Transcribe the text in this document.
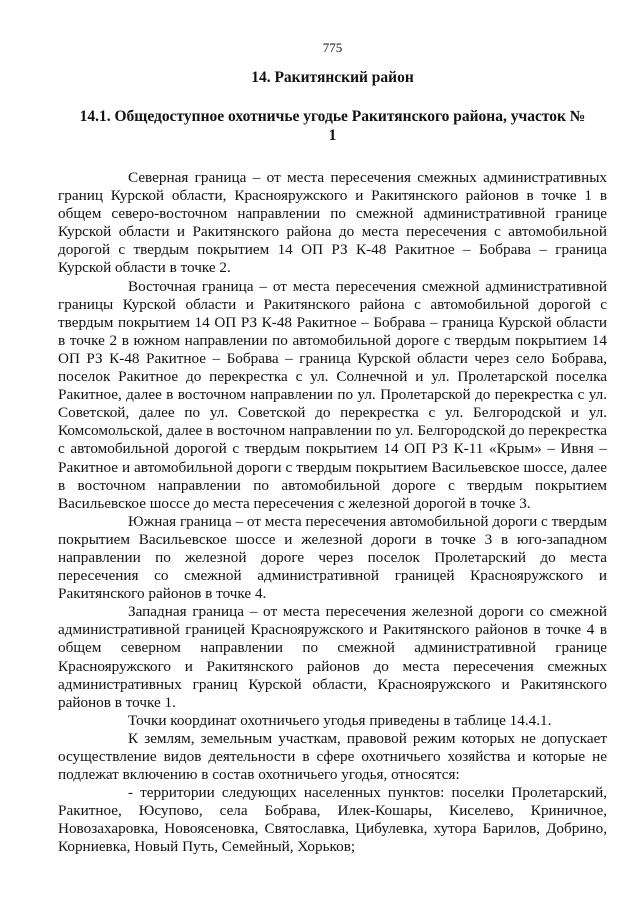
775
14. Ракитянский район
14.1. Общедоступное охотничье угодье Ракитянского района, участок № 1

Северная граница – от места пересечения смежных административных границ Курской области, Краснояружского и Ракитянского районов в точке 1 в общем северо-восточном направлении по смежной административной границе Курской области и Ракитянского района до места пересечения с автомобильной дорогой с твердым покрытием 14 ОП РЗ К-48 Ракитное – Бобрава – граница Курской области в точке 2.

Восточная граница – от места пересечения смежной административной границы Курской области и Ракитянского района с автомобильной дорогой с твердым покрытием 14 ОП РЗ К-48 Ракитное – Бобрава – граница Курской области в точке 2 в южном направлении по автомобильной дороге с твердым покрытием 14 ОП РЗ К-48 Ракитное – Бобрава – граница Курской области через село Бобрава, поселок Ракитное до перекрестка с ул. Солнечной и ул. Пролетарской поселка Ракитное, далее в восточном направлении по ул. Пролетарской до перекрестка с ул. Советской, далее по ул. Советской до перекрестка с ул. Белгородской и ул. Комсомольской, далее в восточном направлении по ул. Белгородской до перекрестка с автомобильной дорогой с твердым покрытием 14 ОП РЗ К-11 «Крым» – Ивня – Ракитное и автомобильной дороги с твердым покрытием Васильевское шоссе, далее в восточном направлении по автомобильной дороге с твердым покрытием Васильевское шоссе до места пересечения с железной дорогой в точке 3.

Южная граница – от места пересечения автомобильной дороги с твердым покрытием Васильевское шоссе и железной дороги в точке 3 в юго-западном направлении по железной дороге через поселок Пролетарский до места пересечения со смежной административной границей Краснояружского и Ракитянского районов в точке 4.

Западная граница – от места пересечения железной дороги со смежной административной границей Краснояружского и Ракитянского районов в точке 4 в общем северном направлении по смежной административной границе Краснояружского и Ракитянского районов до места пересечения смежных административных границ Курской области, Краснояружского и Ракитянского районов в точке 1.

Точки координат охотничьего угодья приведены в таблице 14.4.1.

К землям, земельным участкам, правовой режим которых не допускает осуществление видов деятельности в сфере охотничьего хозяйства и которые не подлежат включению в состав охотничьего угодья, относятся:

- территории следующих населенных пунктов: поселки Пролетарский, Ракитное, Юсупово, села Бобрава, Илек-Кошары, Киселево, Криничное, Новозахаровка, Новоясеновка, Святославка, Цибулевка, хутора Барилов, Добрино, Корниевка, Новый Путь, Семейный, Хорьков;
